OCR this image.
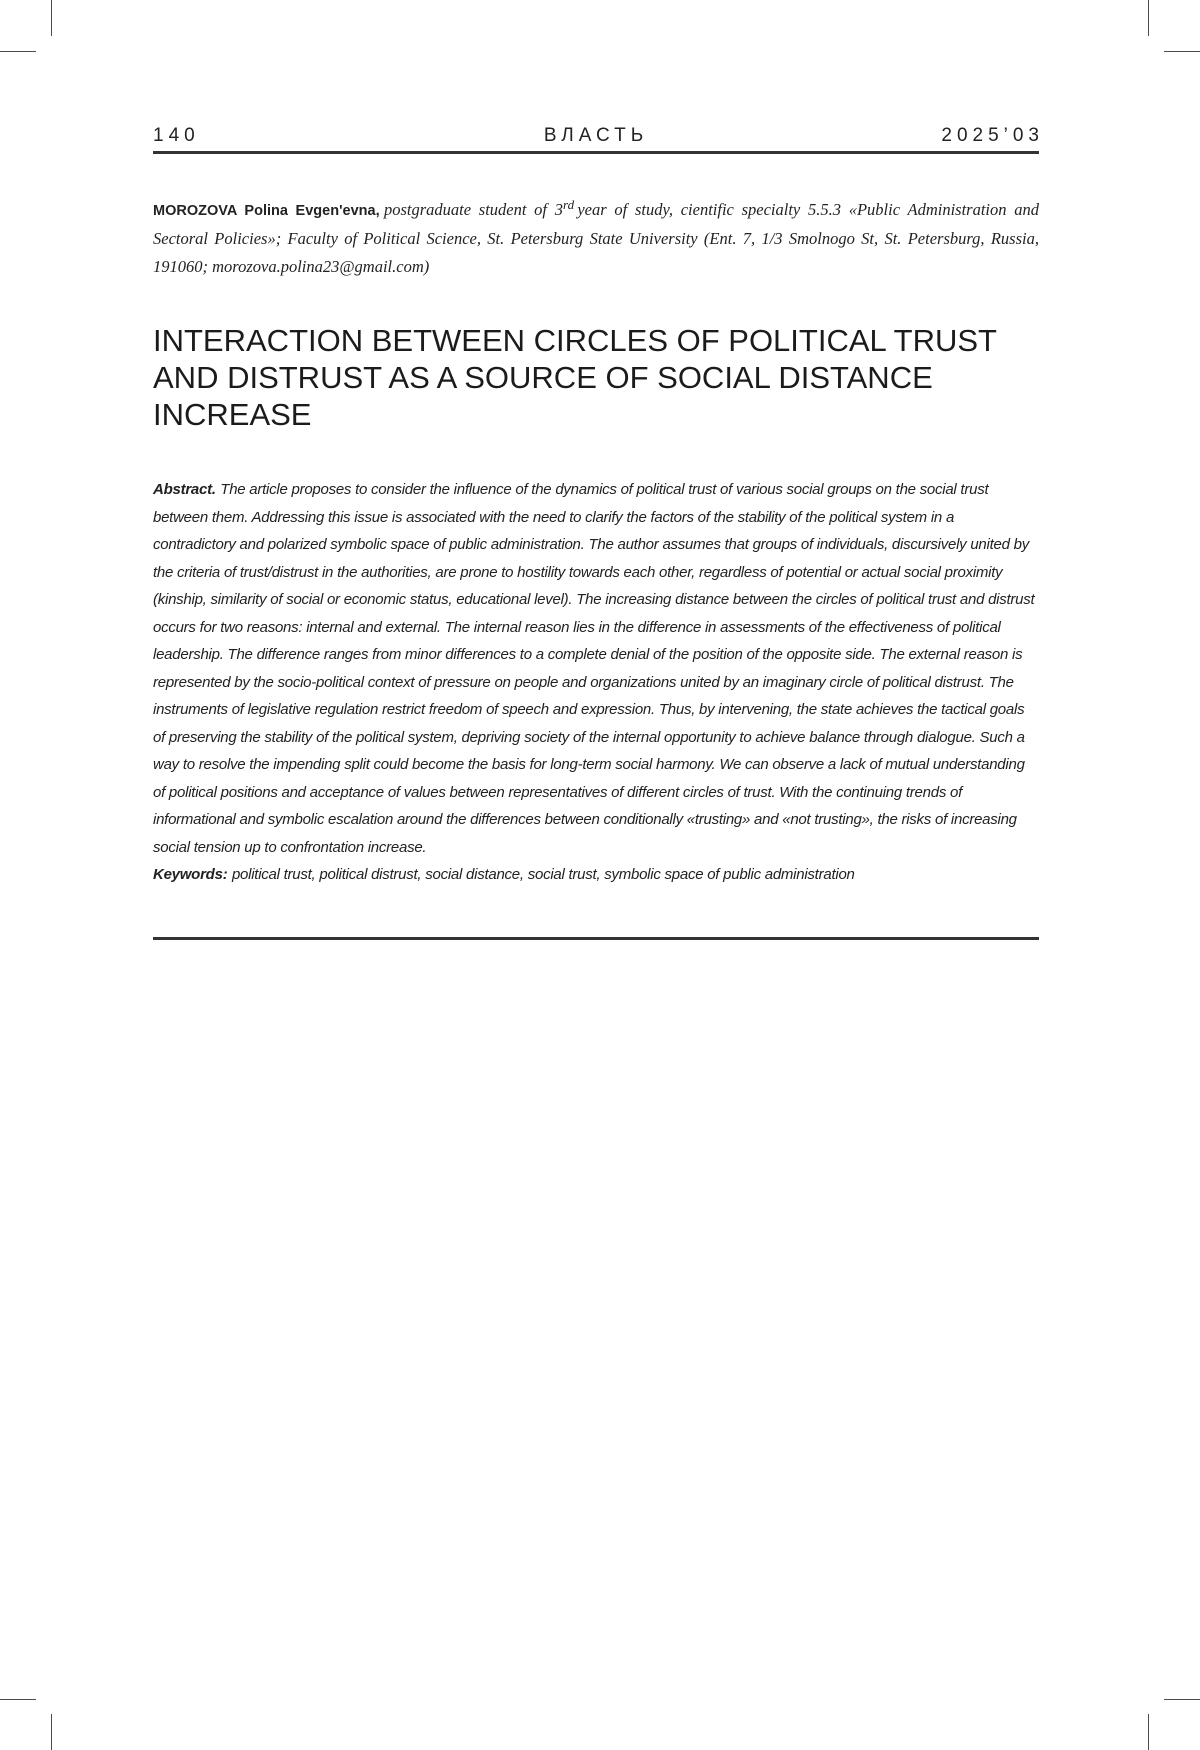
140	ВЛАСТЬ	2025’03
MOROZOVA Polina Evgen'evna, postgraduate student of 3rd year of study, cientific specialty 5.5.3 «Public Administration and Sectoral Policies»; Faculty of Political Science, St. Petersburg State University (Ent. 7, 1/3 Smolnogo St, St. Petersburg, Russia, 191060; morozova.polina23@gmail.com)
INTERACTION BETWEEN CIRCLES OF POLITICAL TRUST
AND DISTRUST AS A SOURCE OF SOCIAL DISTANCE
INCREASE

Abstract. The article proposes to consider the influence of the dynamics of political trust of various social groups on the social trust between them. Addressing this issue is associated with the need to clarify the factors of the stability of the political system in a contradictory and polarized symbolic space of public administration. The author assumes that groups of individuals, discursively united by the criteria of trust/distrust in the authorities, are prone to hostility towards each other, regardless of potential or actual social proximity (kinship, similarity of social or economic status, educational level). The increasing distance between the circles of political trust and distrust occurs for two reasons: internal and external. The internal reason lies in the difference in assessments of the effectiveness of political leadership. The difference ranges from minor differences to a complete denial of the position of the opposite side. The external reason is represented by the socio-political context of pressure on people and organizations united by an imaginary circle of political distrust. The instruments of legislative regulation restrict freedom of speech and expression. Thus, by intervening, the state achieves the tactical goals of preserving the stability of the political system, depriving society of the internal opportunity to achieve balance through dialogue. Such a way to resolve the impending split could become the basis for long-term social harmony. We can observe a lack of mutual understanding of political positions and acceptance of values between representatives of different circles of trust. With the continuing trends of informational and symbolic escalation around the differences between conditionally «trusting» and «not trusting», the risks of increasing social tension up to confrontation increase.

Keywords: political trust, political distrust, social distance, social trust, symbolic space of public administration
